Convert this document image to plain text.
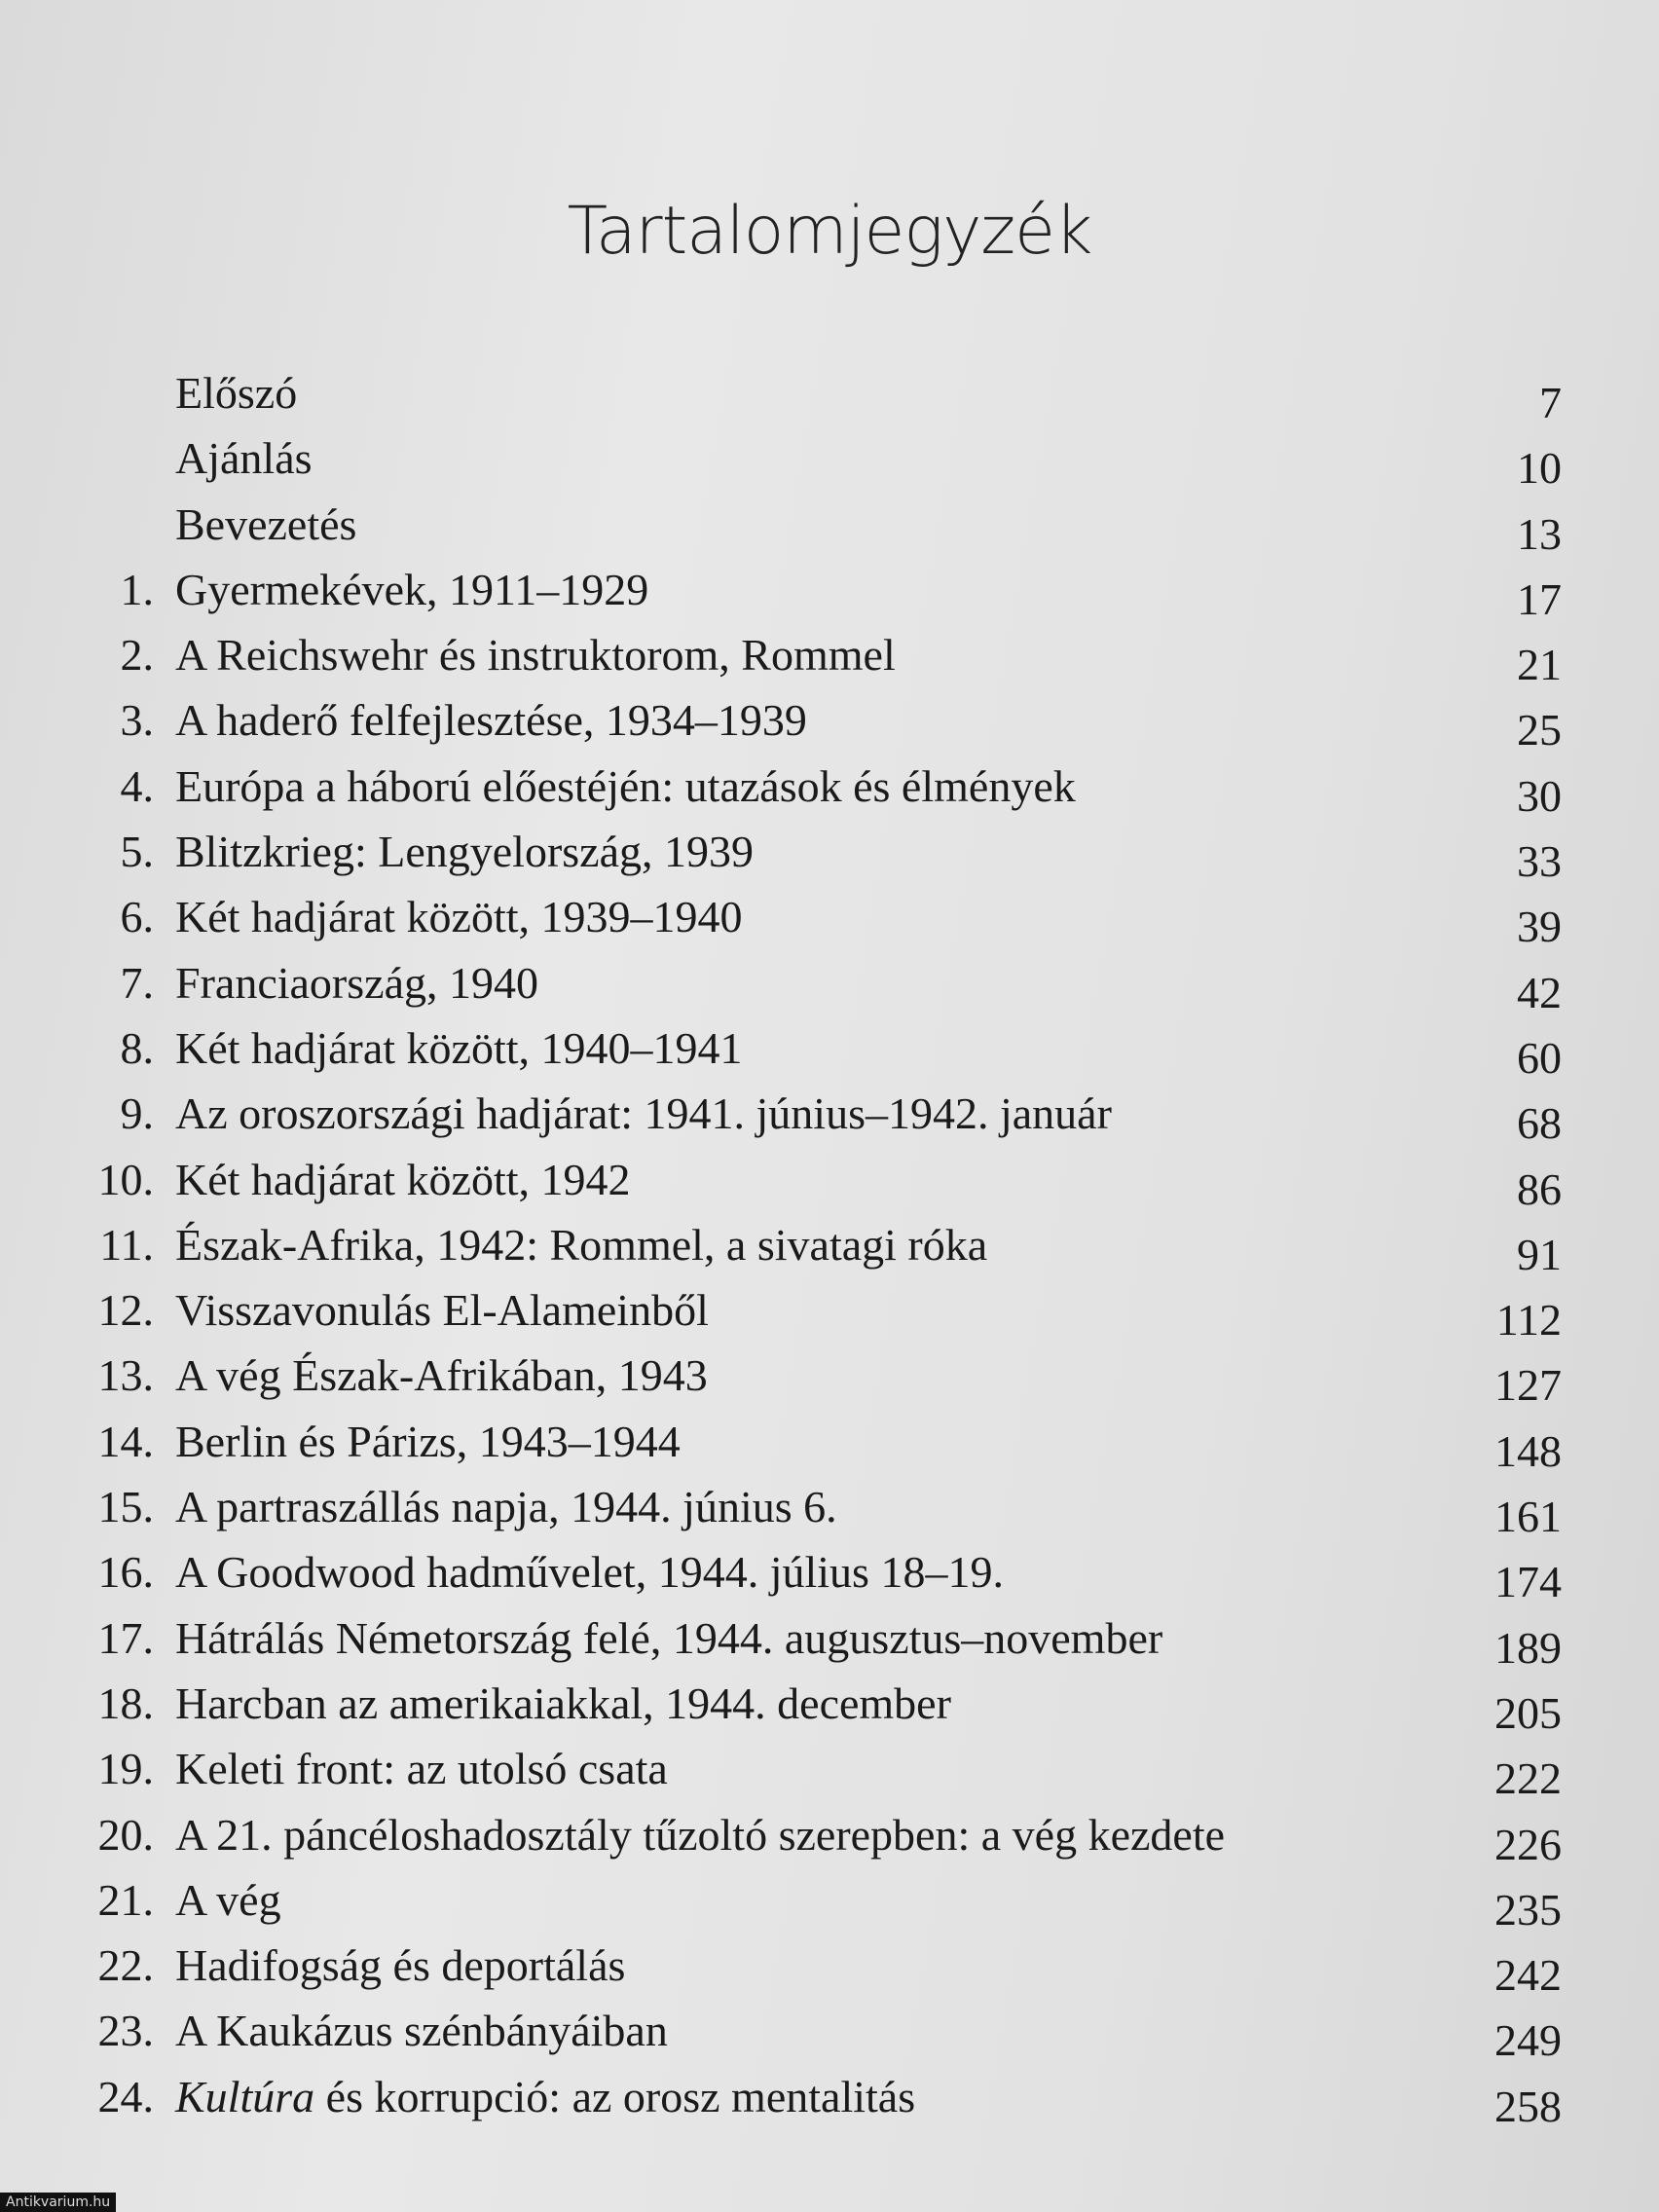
Tartalomjegyzék
Előszó	7
Ajánlás	10
Bevezetés	13
1. Gyermekévek, 1911–1929	17
2. A Reichswehr és instruktorom, Rommel	21
3. A haderő felfejlesztése, 1934–1939	25
4. Európa a háború előestéjén: utazások és élmények	30
5. Blitzkrieg: Lengyelország, 1939	33
6. Két hadjárat között, 1939–1940	39
7. Franciaország, 1940	42
8. Két hadjárat között, 1940–1941	60
9. Az oroszországi hadjárat: 1941. június–1942. január	68
10. Két hadjárat között, 1942	86
11. Észak-Afrika, 1942: Rommel, a sivatagi róka	91
12. Visszavonulás El-Alameinből	112
13. A vég Észak-Afrikában, 1943	127
14. Berlin és Párizs, 1943–1944	148
15. A partraszállás napja, 1944. június 6.	161
16. A Goodwood hadművelet, 1944. július 18–19.	174
17. Hátrálás Németország felé, 1944. augusztus–november	189
18. Harcban az amerikaiakkal, 1944. december	205
19. Keleti front: az utolsó csata	222
20. A 21. páncéloshadosztály tűzoltó szerepben: a vég kezdete	226
21. A vég	235
22. Hadifogság és deportálás	242
23. A Kaukázus szénbányáiban	249
24. Kultúra és korrupció: az orosz mentalitás	258
Antikvarium.hu
